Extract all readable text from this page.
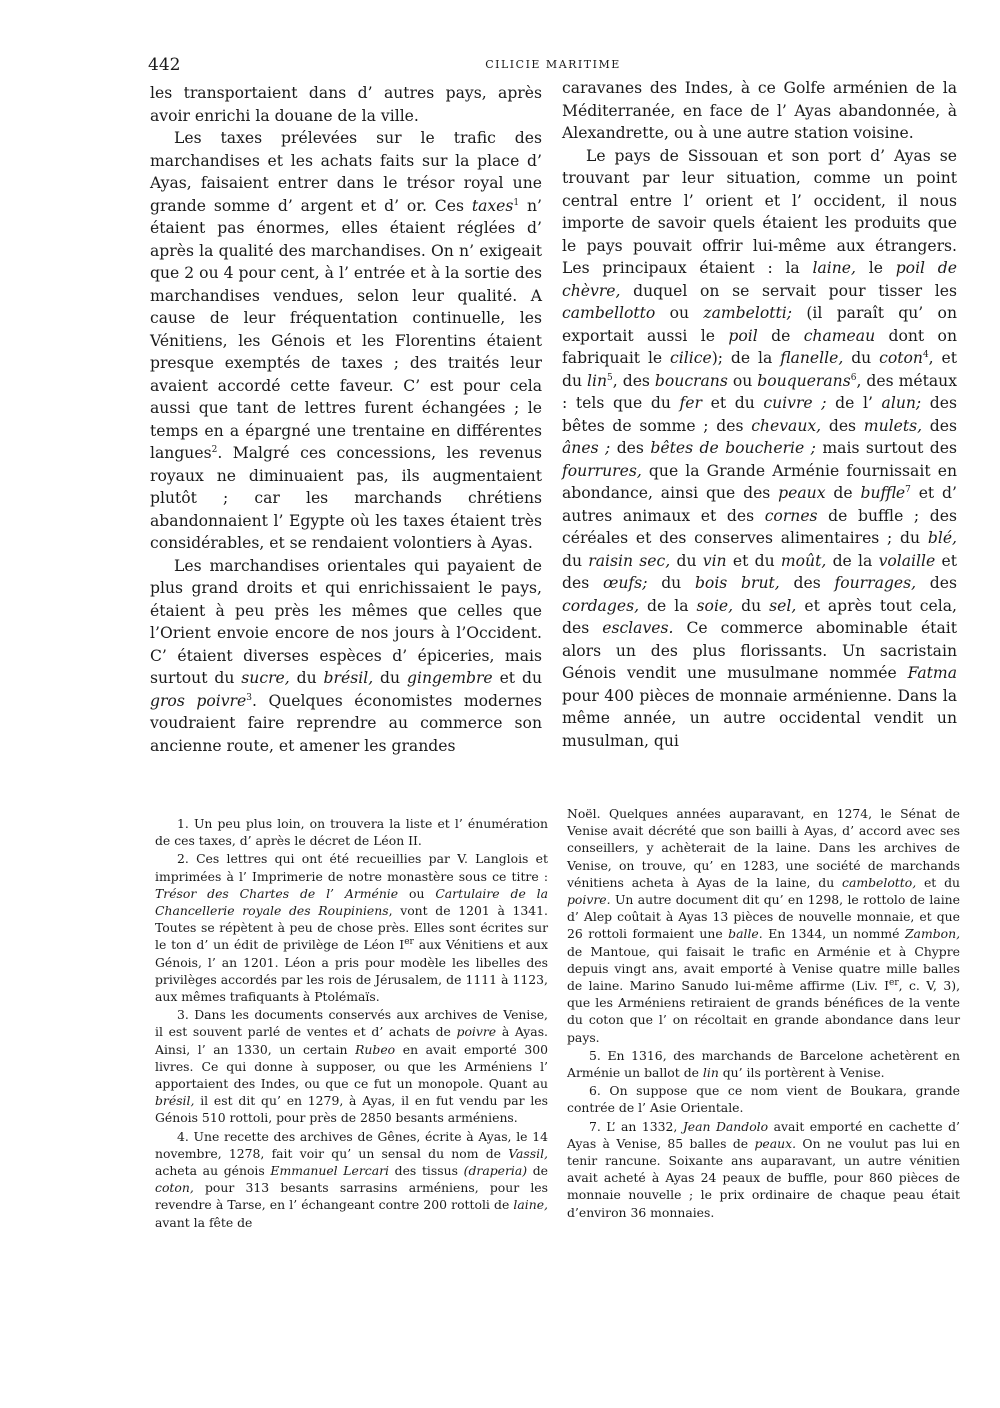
442	CILICIE MARITIME

les transportaient dans d’ autres pays, après avoir enrichi la douane de la ville.

Les taxes prélevées sur le trafic des marchandises et les achats faits sur la place d’ Ayas, faisaient entrer dans le trésor royal une grande somme d’ argent et d’ or. Ces taxes$^1$ n’ étaient pas énormes, elles étaient réglées d’ après la qualité des marchandises. On n’ exigeait que 2 ou 4 pour cent, à l’ entrée et à la sortie des marchandises vendues, selon leur qualité. A cause de leur fréquentation continuelle, les Vénitiens, les Génois et les Florentins étaient presque exemptés de taxes ; des traités leur avaient accordé cette faveur. C’ est pour cela aussi que tant de lettres furent échangées ; le temps en a épargné une trentaine en différentes langues$^2$. Malgré ces concessions, les revenus royaux ne diminuaient pas, ils augmentaient plutôt ; car les marchands chrétiens abandonnaient l’ Egypte où les taxes étaient très considérables, et se rendaient volontiers à Ayas.

Les marchandises orientales qui payaient de plus grand droits et qui enrichissaient le pays, étaient à peu près les mêmes que celles que l’Orient envoie encore de nos jours à l’Occident. C’ étaient diverses espèces d’ épiceries, mais surtout du sucre, du brésil, du gingembre et du gros poivre$^3$. Quelques économistes modernes voudraient faire reprendre au commerce son ancienne route, et amener les grandes

caravanes des Indes, à ce Golfe arménien de la Méditerranée, en face de l’ Ayas abandonnée, à Alexandrette, ou à une autre station voisine.

Le pays de Sissouan et son port d’ Ayas se trouvant par leur situation, comme un point central entre l’ orient et l’ occident, il nous importe de savoir quels étaient les produits que le pays pouvait offrir lui-même aux étrangers. Les principaux étaient : la laine, le poil de chèvre, duquel on se servait pour tisser les cambellotto ou zambelotti; (il paraît qu’ on exportait aussi le poil de chameau dont on fabriquait le cilice); de la flanelle, du coton$^4$, et du lin$^5$, des boucrans ou bouquerans$^6$, des métaux : tels que du fer et du cuivre ; de l’ alun; des bêtes de somme ; des chevaux, des mulets, des ânes ; des bêtes de boucherie ; mais surtout des fourrures, que la Grande Arménie fournissait en abondance, ainsi que des peaux de buffle$^7$ et d’ autres animaux et des cornes de buffle ; des céréales et des conserves alimentaires ; du blé, du raisin sec, du vin et du moût, de la volaille et des œufs; du bois brut, des fourrages, des cordages, de la soie, du sel, et après tout cela, des esclaves. Ce commerce abominable était alors un des plus florissants. Un sacristain Génois vendit une musulmane nommée Fatma pour 400 pièces de monnaie arménienne. Dans la même année, un autre occidental vendit un musulman, qui

1. Un peu plus loin, on trouvera la liste et l’ énumération de ces taxes, d’ après le décret de Léon II.

2. Ces lettres qui ont été recueillies par V. Langlois et imprimées à l’ Imprimerie de notre monastère sous ce titre : Trésor des Chartes de l’ Arménie ou Cartulaire de la Chancellerie royale des Roupiniens, vont de 1201 à 1341. Toutes se répètent à peu de chose près. Elles sont écrites sur le ton d’ un édit de privilège de Léon Ier aux Vénitiens et aux Génois, l’ an 1201. Léon a pris pour modèle les libelles des privilèges accordés par les rois de Jérusalem, de 1111 à 1123, aux mêmes trafiquants à Ptolémaïs.

3. Dans les documents conservés aux archives de Venise, il est souvent parlé de ventes et d’ achats de poivre à Ayas. Ainsi, l’ an 1330, un certain Rubeo en avait emporté 300 livres. Ce qui donne à supposer, ou que les Arméniens l’ apportaient des Indes, ou que ce fut un monopole. Quant au brésil, il est dit qu’ en 1279, à Ayas, il en fut vendu par les Génois 510 rottoli, pour près de 2850 besants arméniens.

4. Une recette des archives de Gênes, écrite à Ayas, le 14 novembre, 1278, fait voir qu’ un sensal du nom de Vassil, acheta au génois Emmanuel Lercari des tissus (draperia) de coton, pour 313 besants sarrasins arméniens, pour les revendre à Tarse, en l’ échangeant contre 200 rottoli de laine, avant la fête de

Noël. Quelques années auparavant, en 1274, le Sénat de Venise avait décrété que son bailli à Ayas, d’ accord avec ses conseillers, y achèterait de la laine. Dans les archives de Venise, on trouve, qu’ en 1283, une société de marchands vénitiens acheta à Ayas de la laine, du cambelotto, et du poivre. Un autre document dit qu’ en 1298, le rottolo de laine d’ Alep coûtait à Ayas 13 pièces de nouvelle monnaie, et que 26 rottoli formaient une balle. En 1344, un nommé Zambon, de Mantoue, qui faisait le trafic en Arménie et à Chypre depuis vingt ans, avait emporté à Venise quatre mille balles de laine. Marino Sanudo lui-même affirme (Liv. Ier, c. V, 3), que les Arméniens retiraient de grands bénéfices de la vente du coton que l’ on récoltait en grande abondance dans leur pays.

5. En 1316, des marchands de Barcelone achetèrent en Arménie un ballot de lin qu’ ils portèrent à Venise.

6. On suppose que ce nom vient de Boukara, grande contrée de l’ Asie Orientale.

7. L’ an 1332, Jean Dandolo avait emporté en cachette d’ Ayas à Venise, 85 balles de peaux. On ne voulut pas lui en tenir rancune. Soixante ans auparavant, un autre vénitien avait acheté à Ayas 24 peaux de buffle, pour 860 pièces de monnaie nouvelle ; le prix ordinaire de chaque peau était d’environ 36 monnaies.
